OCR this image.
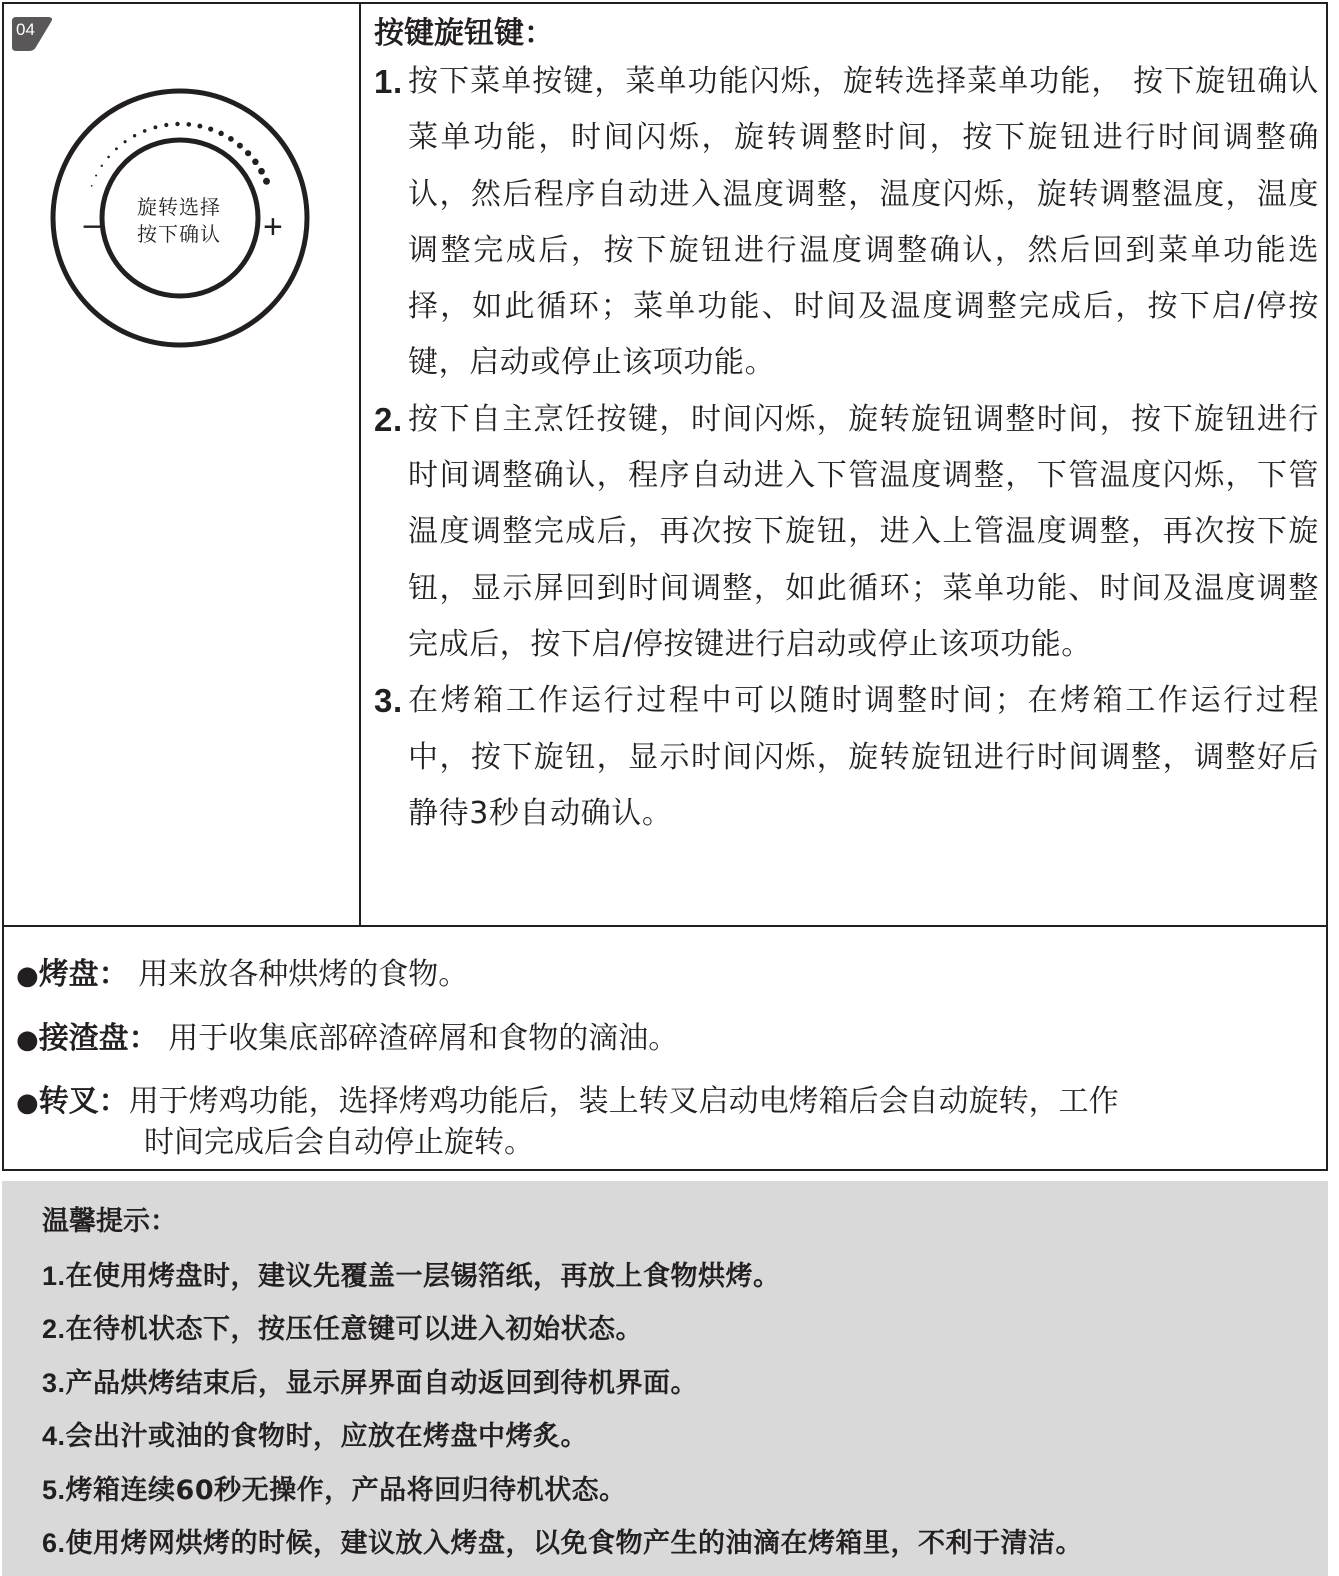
04
−	+
旋转选择
按下确认
按键旋钮键：
1. 按下菜单按键，菜单功能闪烁，旋转选择菜单功能， 按下旋钮确认菜单功能，时间闪烁，旋转调整时间，按下旋钮进行时间调整确认，然后程序自动进入温度调整，温度闪烁，旋转调整温度，温度调整完成后，按下旋钮进行温度调整确认，然后回到菜单功能选择，如此循环；菜单功能、时间及温度调整完成后，按下启/停按键，启动或停止该项功能。
2. 按下自主烹饪按键，时间闪烁，旋转旋钮调整时间，按下旋钮进行时间调整确认，程序自动进入下管温度调整，下管温度闪烁，下管温度调整完成后，再次按下旋钮，进入上管温度调整，再次按下旋钮，显示屏回到时间调整，如此循环；菜单功能、时间及温度调整完成后，按下启/停按键进行启动或停止该项功能。
3. 在烤箱工作运行过程中可以随时调整时间；在烤箱工作运行过程中，按下旋钮，显示时间闪烁，旋转旋钮进行时间调整，调整好后静待3秒自动确认。
●烤盘： 用来放各种烘烤的食物。
●接渣盘： 用于收集底部碎渣碎屑和食物的滴油。
●转叉：用于烤鸡功能，选择烤鸡功能后，装上转叉启动电烤箱后会自动旋转，工作
时间完成后会自动停止旋转。
温馨提示：
1.在使用烤盘时，建议先覆盖一层锡箔纸，再放上食物烘烤。
2.在待机状态下，按压任意键可以进入初始状态。
3.产品烘烤结束后，显示屏界面自动返回到待机界面。
4.会出汁或油的食物时，应放在烤盘中烤炙。
5.烤箱连续60秒无操作，产品将回归待机状态。
6.使用烤网烘烤的时候，建议放入烤盘，以免食物产生的油滴在烤箱里，不利于清洁。
